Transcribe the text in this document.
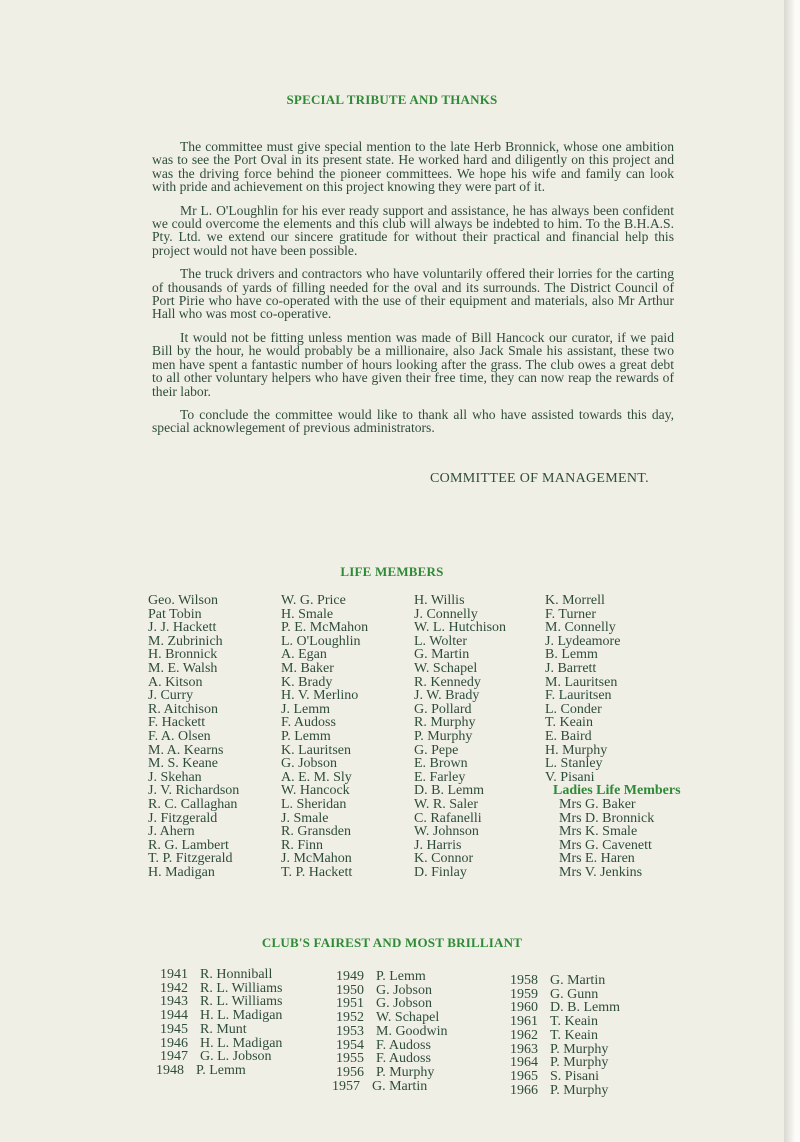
SPECIAL TRIBUTE AND THANKS

The committee must give special mention to the late Herb Bronnick, whose one ambition was to see the Port Oval in its present state. He worked hard and diligently on this project and was the driving force behind the pioneer committees. We hope his wife and family can look with pride and achievement on this project knowing they were part of it.

Mr L. O'Loughlin for his ever ready support and assistance, he has always been confident we could overcome the elements and this club will always be indebted to him. To the B.H.A.S. Pty. Ltd. we extend our sincere gratitude for without their practical and financial help this project would not have been possible.

The truck drivers and contractors who have voluntarily offered their lorries for the carting of thousands of yards of filling needed for the oval and its surrounds. The District Council of Port Pirie who have co-operated with the use of their equipment and materials, also Mr Arthur Hall who was most co-operative.

It would not be fitting unless mention was made of Bill Hancock our curator, if we paid Bill by the hour, he would probably be a millionaire, also Jack Smale his assistant, these two men have spent a fantastic number of hours looking after the grass. The club owes a great debt to all other voluntary helpers who have given their free time, they can now reap the rewards of their labor.

To conclude the committee would like to thank all who have assisted towards this day, special acknowlegement of previous administrators.

COMMITTEE OF MANAGEMENT.
LIFE MEMBERS
Geo. Wilson
Pat Tobin
J. J. Hackett
M. Zubrinich
H. Bronnick
M. E. Walsh
A. Kitson
J. Curry
R. Aitchison
F. Hackett
F. A. Olsen
M. A. Kearns
M. S. Keane
J. Skehan
J. V. Richardson
R. C. Callaghan
J. Fitzgerald
J. Ahern
R. G. Lambert
T. P. Fitzgerald
H. Madigan
W. G. Price
H. Smale
P. E. McMahon
L. O'Loughlin
A. Egan
M. Baker
K. Brady
H. V. Merlino
J. Lemm
F. Audoss
P. Lemm
K. Lauritsen
G. Jobson
A. E. M. Sly
W. Hancock
L. Sheridan
J. Smale
R. Gransden
R. Finn
J. McMahon
T. P. Hackett
H. Willis
J. Connelly
W. L. Hutchison
L. Wolter
G. Martin
W. Schapel
R. Kennedy
J. W. Brady
G. Pollard
R. Murphy
P. Murphy
G. Pepe
E. Brown
E. Farley
D. B. Lemm
W. R. Saler
C. Rafanelli
W. Johnson
J. Harris
K. Connor
D. Finlay
K. Morrell
F. Turner
M. Connelly
J. Lydeamore
B. Lemm
J. Barrett
M. Lauritsen
F. Lauritsen
L. Conder
T. Keain
E. Baird
H. Murphy
L. Stanley
V. Pisani
Ladies Life Members
Mrs G. Baker
Mrs D. Bronnick
Mrs K. Smale
Mrs G. Cavenett
Mrs E. Haren
Mrs V. Jenkins
CLUB'S FAIREST AND MOST BRILLIANT
1941 R. Honniball
1942 R. L. Williams
1943 R. L. Williams
1944 H. L. Madigan
1945 R. Munt
1946 H. L. Madigan
1947 G. L. Jobson
1948 P. Lemm
1949 P. Lemm
1950 G. Jobson
1951 G. Jobson
1952 W. Schapel
1953 M. Goodwin
1954 F. Audoss
1955 F. Audoss
1956 P. Murphy
1957 G. Martin
1958 G. Martin
1959 G. Gunn
1960 D. B. Lemm
1961 T. Keain
1962 T. Keain
1963 P. Murphy
1964 P. Murphy
1965 S. Pisani
1966 P. Murphy
